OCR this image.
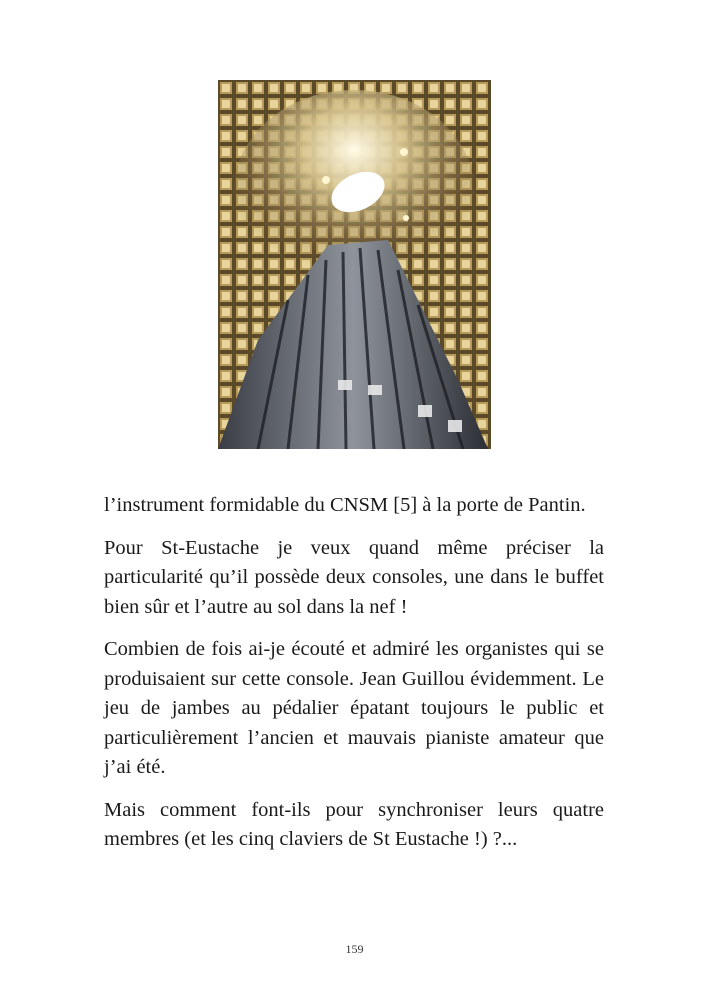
l’instrument formidable du CNSM [5] à la porte de Pantin.

Pour St-Eustache je veux quand même préciser la particularité qu’il possède deux consoles, une dans le buffet bien sûr et l’autre au sol dans la nef !

Combien de fois ai-je écouté et admiré les organistes qui se produisaient sur cette console. Jean Guillou évidemment. Le jeu de jambes au pédalier épatant toujours le public et particulièrement l’ancien et mauvais pianiste amateur que j’ai été.

Mais comment font-ils pour synchroniser leurs quatre membres (et les cinq claviers de St Eustache !) ?...

159
